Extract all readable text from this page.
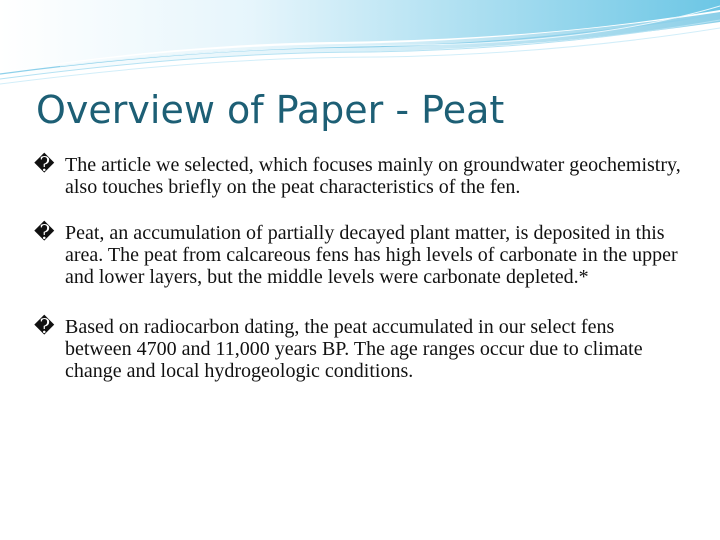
Overview of Paper - Peat
� The article we selected, which focuses mainly on groundwater geochemistry, also touches briefly on the peat characteristics of the fen.
� Peat, an accumulation of partially decayed plant matter, is deposited in this area. The peat from calcareous fens has high levels of carbonate in the upper and lower layers, but the middle levels were carbonate depleted.*
� Based on radiocarbon dating, the peat accumulated in our select fens between 4700 and 11,000 years BP. The age ranges occur due to climate change and local hydrogeologic conditions.
